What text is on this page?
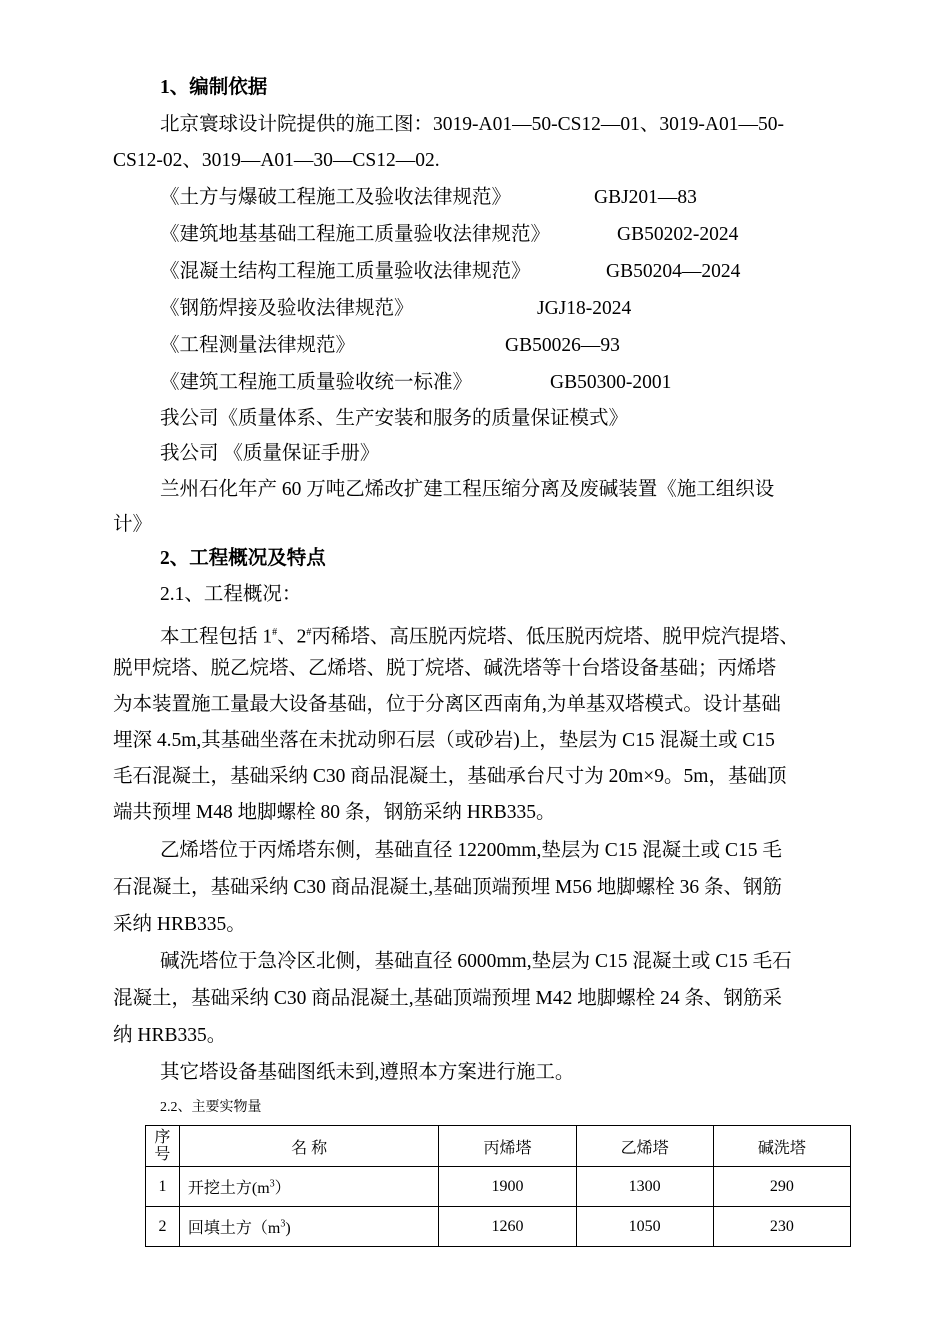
1、编制依据
北京寰球设计院提供的施工图：3019-A01—50-CS12—01、3019-A01—50-
CS12-02、3019—A01—30—CS12—02.
《土方与爆破工程施工及验收法律规范》	GBJ201—83
《建筑地基基础工程施工质量验收法律规范》	GB50202-2024
《混凝土结构工程施工质量验收法律规范》	GB50204—2024
《钢筋焊接及验收法律规范》	JGJ18-2024
《工程测量法律规范》	GB50026—93
《建筑工程施工质量验收统一标准》	GB50300-2001
我公司《质量体系、生产安装和服务的质量保证模式》
我公司 《质量保证手册》
兰州石化年产 60 万吨乙烯改扩建工程压缩分离及废碱装置《施工组织设
计》
2、工程概况及特点
2.1、工程概况：
本工程包括 1#、2#丙稀塔、高压脱丙烷塔、低压脱丙烷塔、脱甲烷汽提塔、
脱甲烷塔、脱乙烷塔、乙烯塔、脱丁烷塔、碱洗塔等十台塔设备基础；丙烯塔
为本装置施工量最大设备基础，位于分离区西南角,为单基双塔模式。设计基础
埋深 4.5m,其基础坐落在未扰动卵石层（或砂岩)上，垫层为 C15 混凝土或 C15
毛石混凝土，基础采纳 C30 商品混凝土，基础承台尺寸为 20m×9。5m，基础顶
端共预埋 M48 地脚螺栓 80 条，钢筋采纳 HRB335。
乙烯塔位于丙烯塔东侧，基础直径 12200mm,垫层为 C15 混凝土或 C15 毛
石混凝土，基础采纳 C30 商品混凝土,基础顶端预埋 M56 地脚螺栓 36 条、钢筋
采纳 HRB335。
碱洗塔位于急冷区北侧，基础直径 6000mm,垫层为 C15 混凝土或 C15 毛石
混凝土，基础采纳 C30 商品混凝土,基础顶端预埋 M42 地脚螺栓 24 条、钢筋采
纳 HRB335。
其它塔设备基础图纸未到,遵照本方案进行施工。
2.2、主要实物量
序
号	名 称	丙烯塔	乙烯塔	碱洗塔
1	开挖土方$(m^3)$	1900	1300	290
2	回填土方$(m^3)$	1260	1050	230
